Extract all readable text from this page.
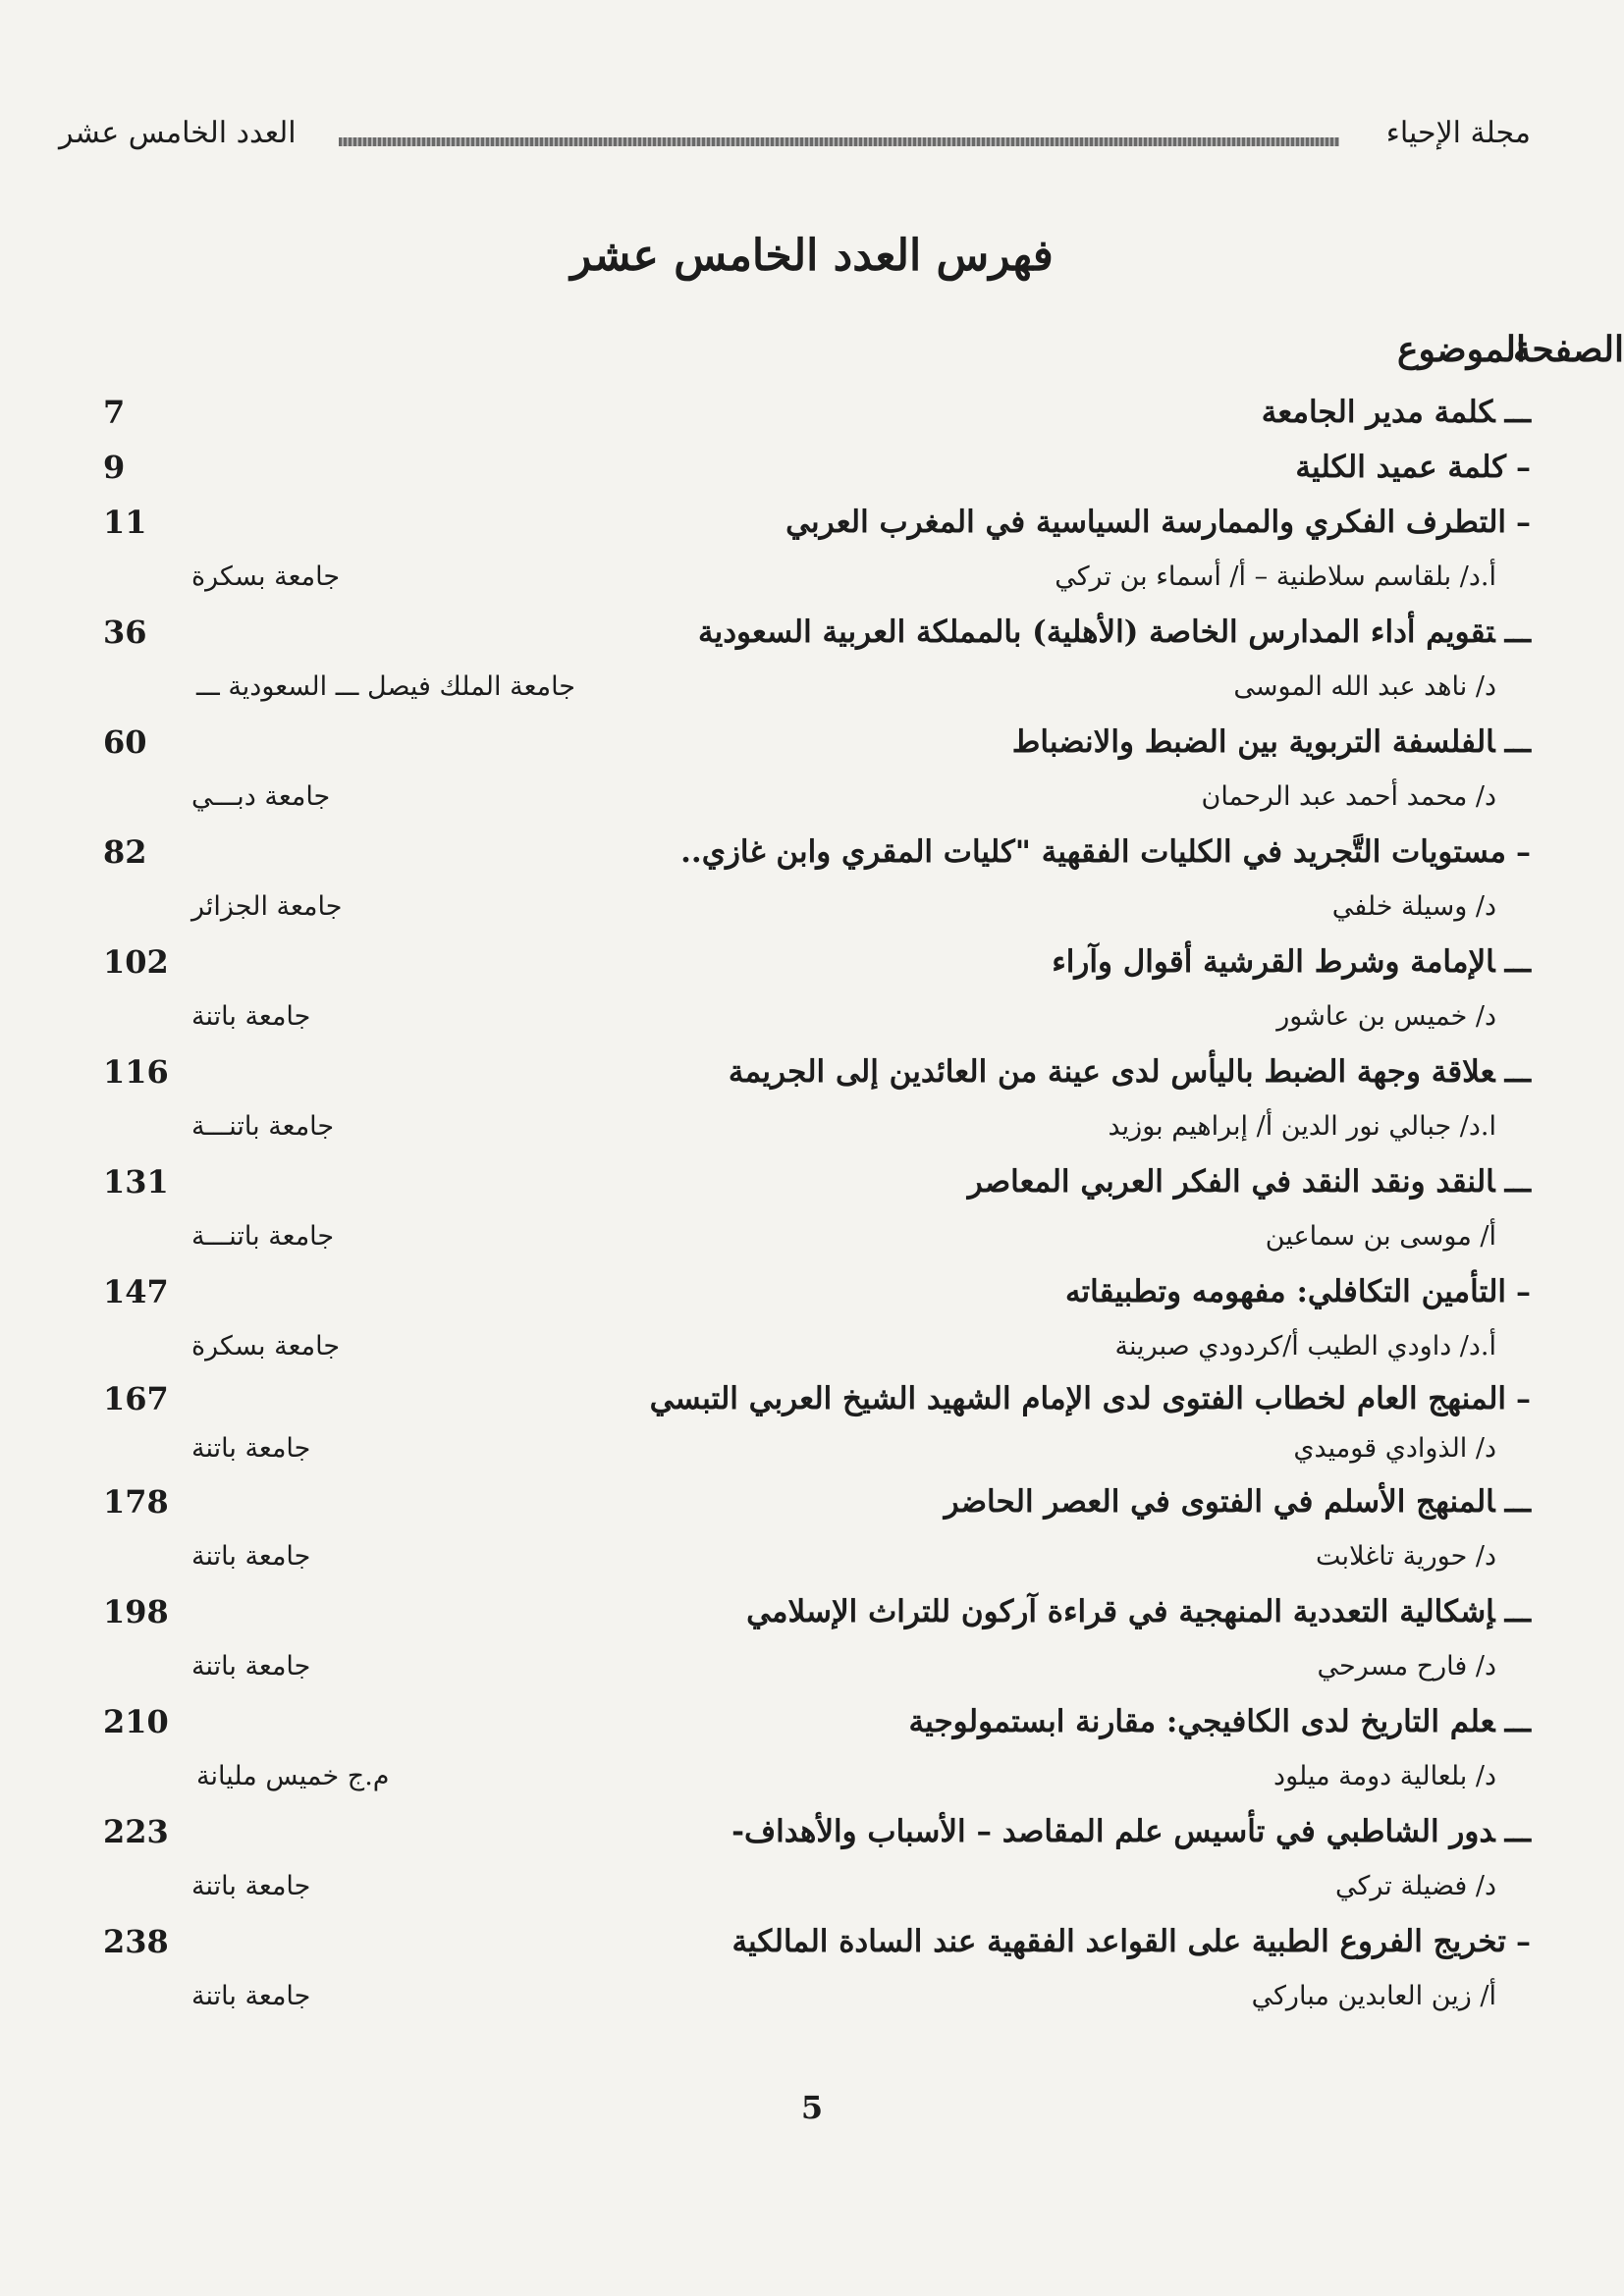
مجلة الإحياء
العدد الخامس عشر
فهرس العدد الخامس عشر
الموضوع
الصفحة
ـــكلمة مدير الجامعة
7
–كلمة عميد الكلية
9
–التطرف الفكري والممارسة السياسية في المغرب العربي
11
أ.د/ بلقاسم سلاطنية – أ/ أسماء بن تركي
جامعة بسكرة
ـــتقويم أداء المدارس الخاصة (الأهلية) بالمملكة العربية السعودية
36
د/ ناهد عبد الله الموسى
جامعة الملك فيصل ـــ السعودية ـــ
ـــالفلسفة التربوية بين الضبط والانضباط
60
د/ محمد أحمد عبد الرحمان
جامعة دبـــي
–مستويات التَّجريد في الكليات الفقهية "كليات المقري وابن غازي..
82
د/ وسيلة خلفي
جامعة الجزائر
ـــالإمامة وشرط القرشية أقوال وآراء
102
د/ خميس بن عاشور
جامعة باتنة
ـــعلاقة وجهة الضبط باليأس لدى عينة من العائدين إلى الجريمة
116
ا.د/ جبالي نور الدين أ/ إبراهيم بوزيد
جامعة باتنـــة
ـــالنقد ونقد النقد في الفكر العربي المعاصر
131
أ/ موسى بن سماعين
جامعة باتنـــة
–التأمين التكافلي: مفهومه وتطبيقاته
147
أ.د/ داودي الطيب أ/كردودي صبرينة
جامعة بسكرة
–المنهج العام لخطاب الفتوى لدى الإمام الشهيد الشيخ العربي التبسي
167
د/ الذوادي قوميدي
جامعة باتنة
ـــالمنهج الأسلم في الفتوى في العصر الحاضر
178
د/ حورية تاغلابت
جامعة باتنة
ـــإشكالية التعددية المنهجية في قراءة آركون للتراث الإسلامي
198
د/ فارح مسرحي
جامعة باتنة
ـــعلم التاريخ لدى الكافيجي: مقارنة ابستمولوجية
210
د/ بلعالية دومة ميلود
م.ج خميس مليانة
ـــدور الشاطبي في تأسيس علم المقاصد – الأسباب والأهداف-
223
د/ فضيلة تركي
جامعة باتنة
–تخريج الفروع الطبية على القواعد الفقهية عند السادة المالكية
238
أ/ زين العابدين مباركي
جامعة باتنة
5
